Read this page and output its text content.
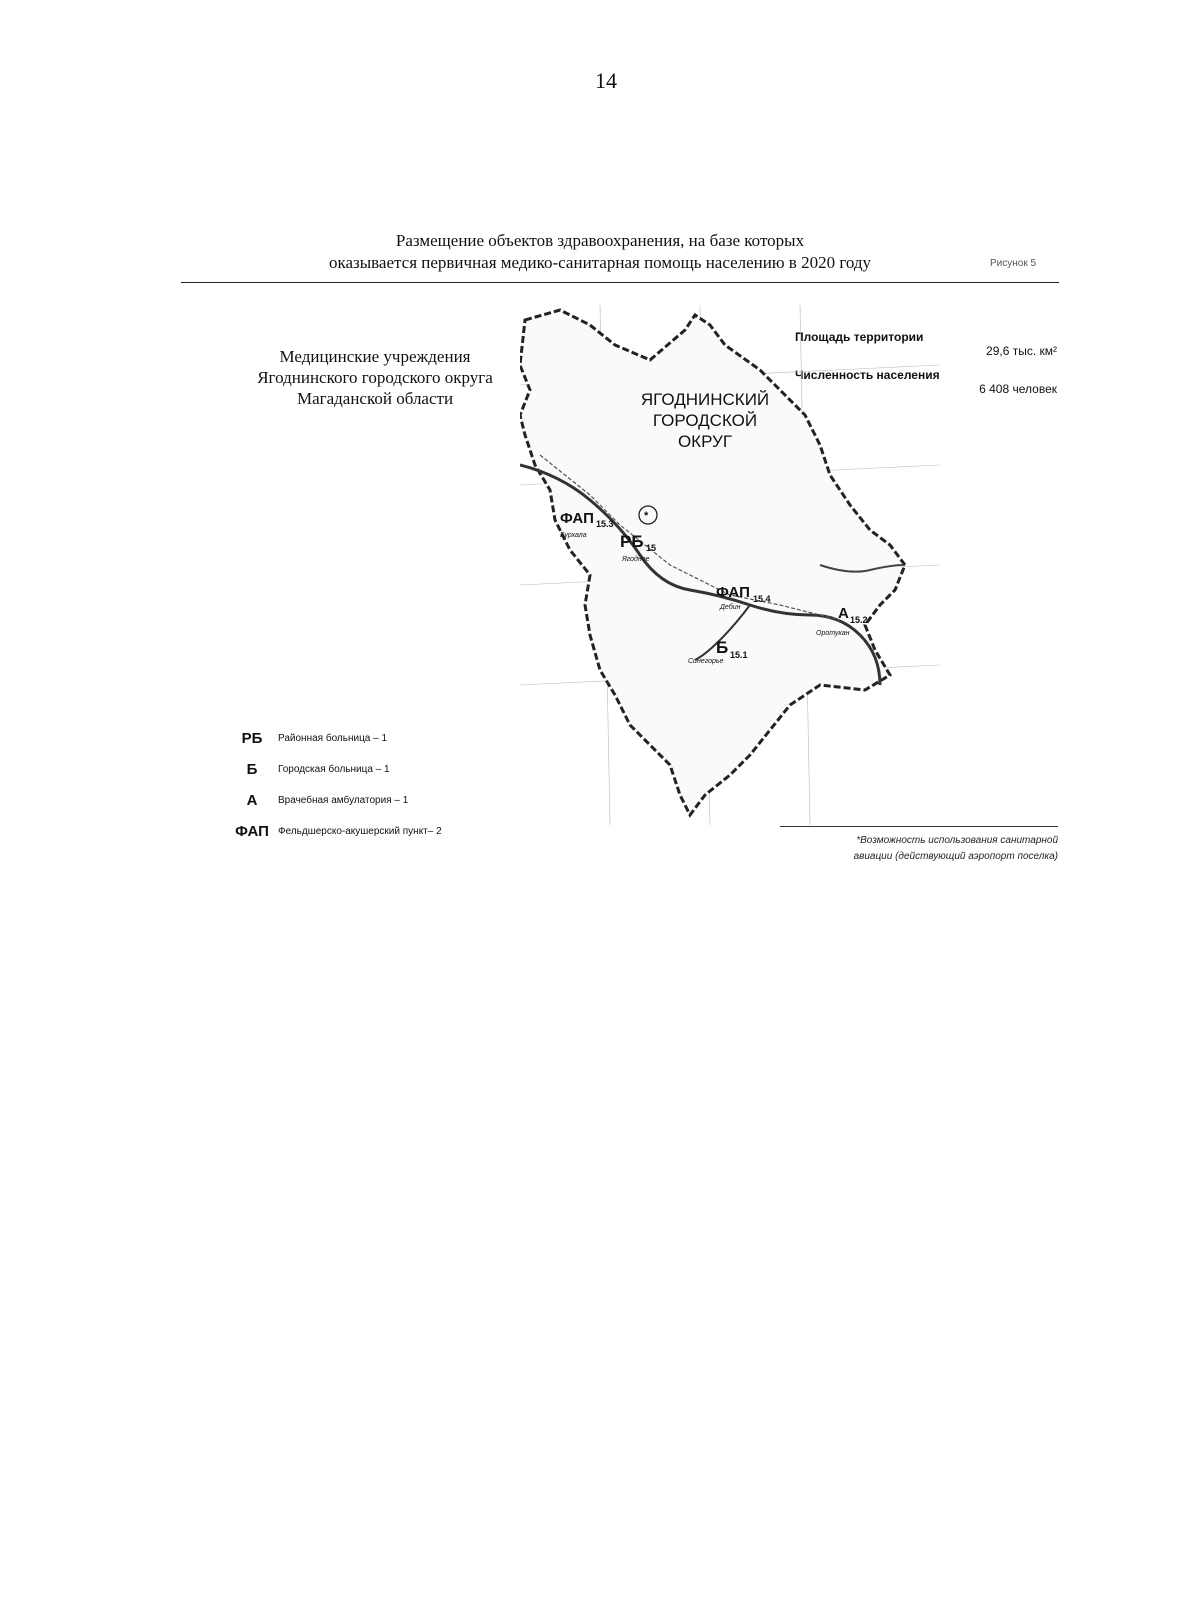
14
Размещение объектов здравоохранения, на базе которых
оказывается первичная медико-санитарная помощь населению в 2020 году	Рисунок 5
Медицинские учреждения
Ягоднинского городского округа
Магаданской области
Площадь территории
29,6 тыс. км²
Численность населения
6 408 человек
ЯГОДНИНСКИЙ
ГОРОДСКОЙ
ОКРУГ
ФАП 15.3
Бурхала РБ 15
Ягодное
*
ФАП 15.4
Дебин	А 15.2
Оротукан
Б 15.1
Синегорье
РБ	Районная больница – 1
Б	Городская больница – 1
А	Врачебная амбулатория – 1
ФАП Фельдшерско-акушерский пункт– 2
*Возможность использования санитарной
авиации (действующий аэропорт поселка)
